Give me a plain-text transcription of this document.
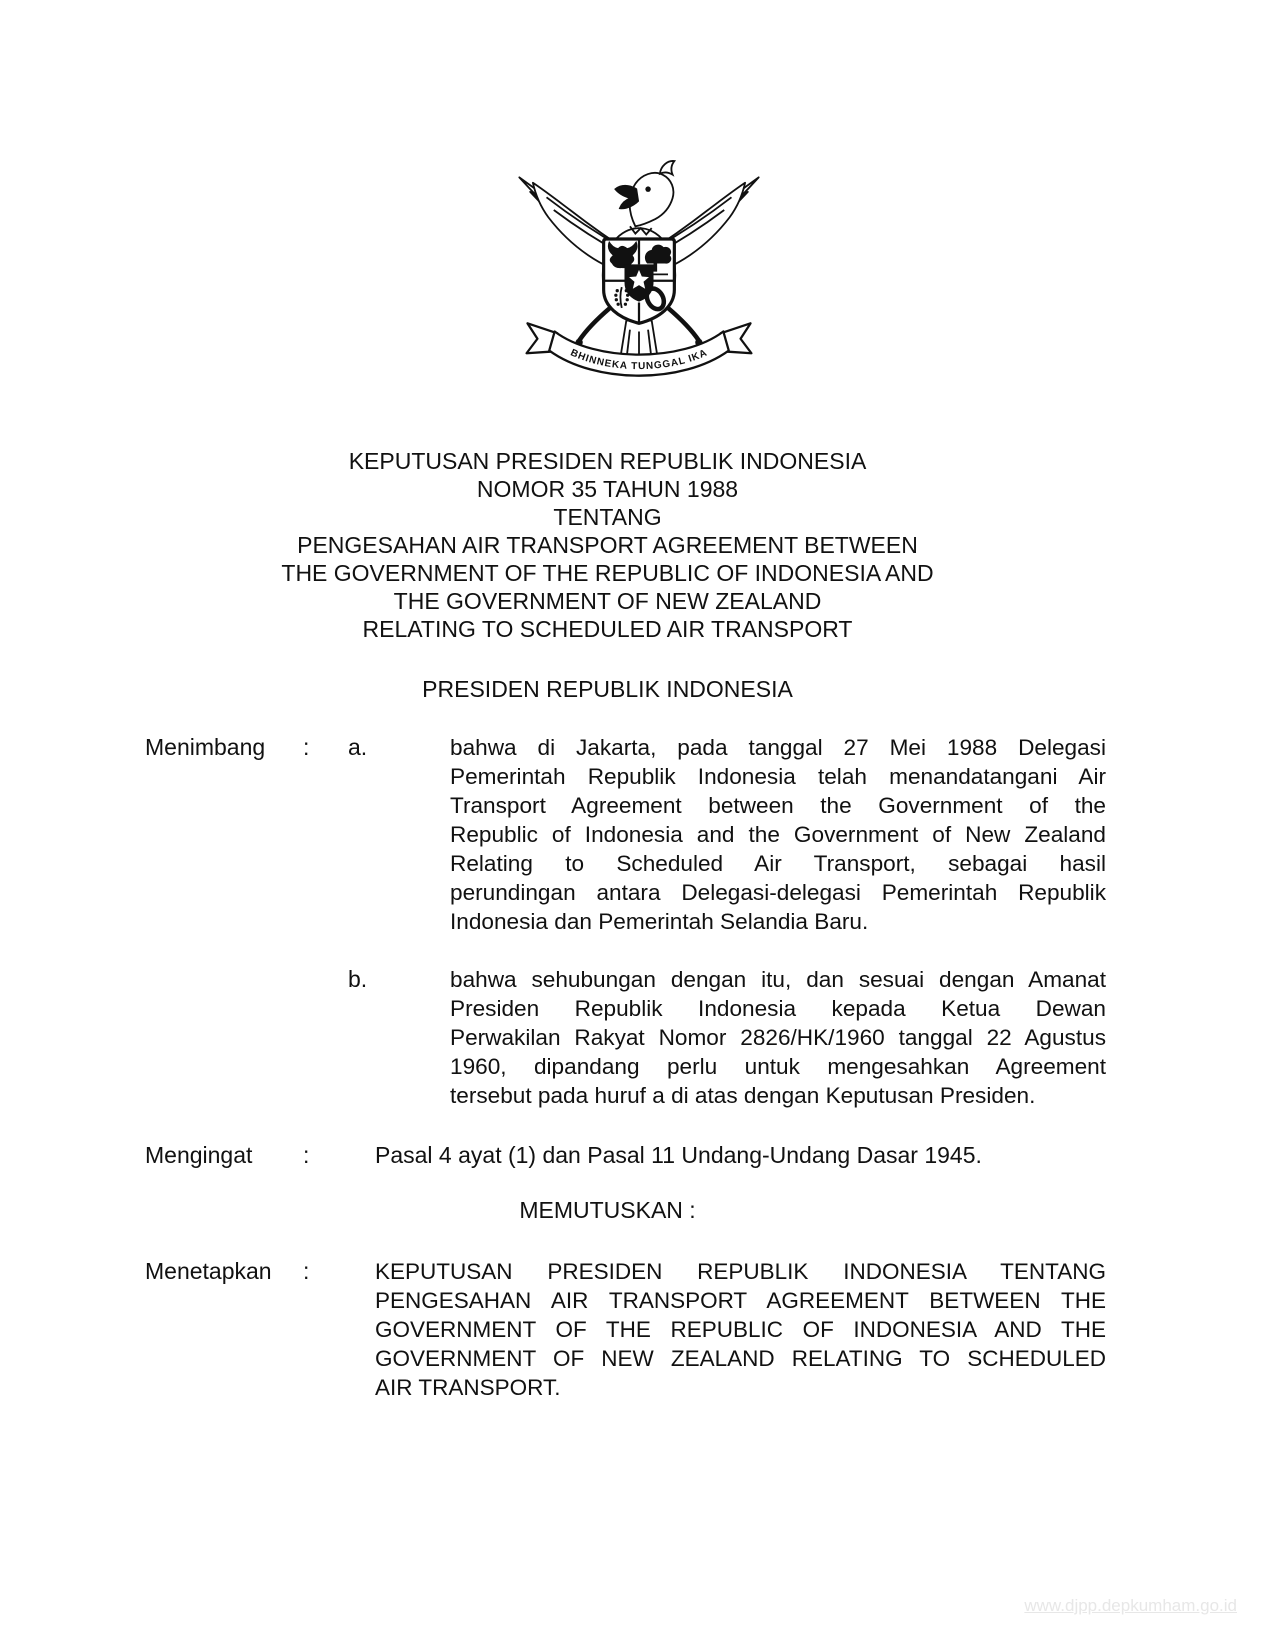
BHINNEKA TUNGGAL IKA
KEPUTUSAN PRESIDEN REPUBLIK INDONESIA
NOMOR 35 TAHUN 1988
TENTANG
PENGESAHAN AIR TRANSPORT AGREEMENT BETWEEN
THE GOVERNMENT OF THE REPUBLIC OF INDONESIA AND
THE GOVERNMENT OF NEW ZEALAND
RELATING TO SCHEDULED AIR TRANSPORT
PRESIDEN REPUBLIK INDONESIA
Menimbang : a.	bahwa di Jakarta, pada tanggal 27 Mei 1988 Delegasi
Pemerintah Republik Indonesia telah menandatangani Air
Transport Agreement between the Government of the
Republic of Indonesia and the Government of New Zealand
Relating to Scheduled Air Transport, sebagai hasil
perundingan antara Delegasi-delegasi Pemerintah Republik
Indonesia dan Pemerintah Selandia Baru.
b.	bahwa sehubungan dengan itu, dan sesuai dengan Amanat
Presiden Republik Indonesia kepada Ketua Dewan
Perwakilan Rakyat Nomor 2826/HK/1960 tanggal 22 Agustus
1960, dipandang perlu untuk mengesahkan Agreement
tersebut pada huruf a di atas dengan Keputusan Presiden.
Mengingat :	Pasal 4 ayat (1) dan Pasal 11 Undang-Undang Dasar 1945.
MEMUTUSKAN :
Menetapkan :	KEPUTUSAN PRESIDEN REPUBLIK INDONESIA TENTANG
PENGESAHAN AIR TRANSPORT AGREEMENT BETWEEN THE
GOVERNMENT OF THE REPUBLIC OF INDONESIA AND THE
GOVERNMENT OF NEW ZEALAND RELATING TO SCHEDULED
AIR TRANSPORT.
www.djpp.depkumham.go.id
